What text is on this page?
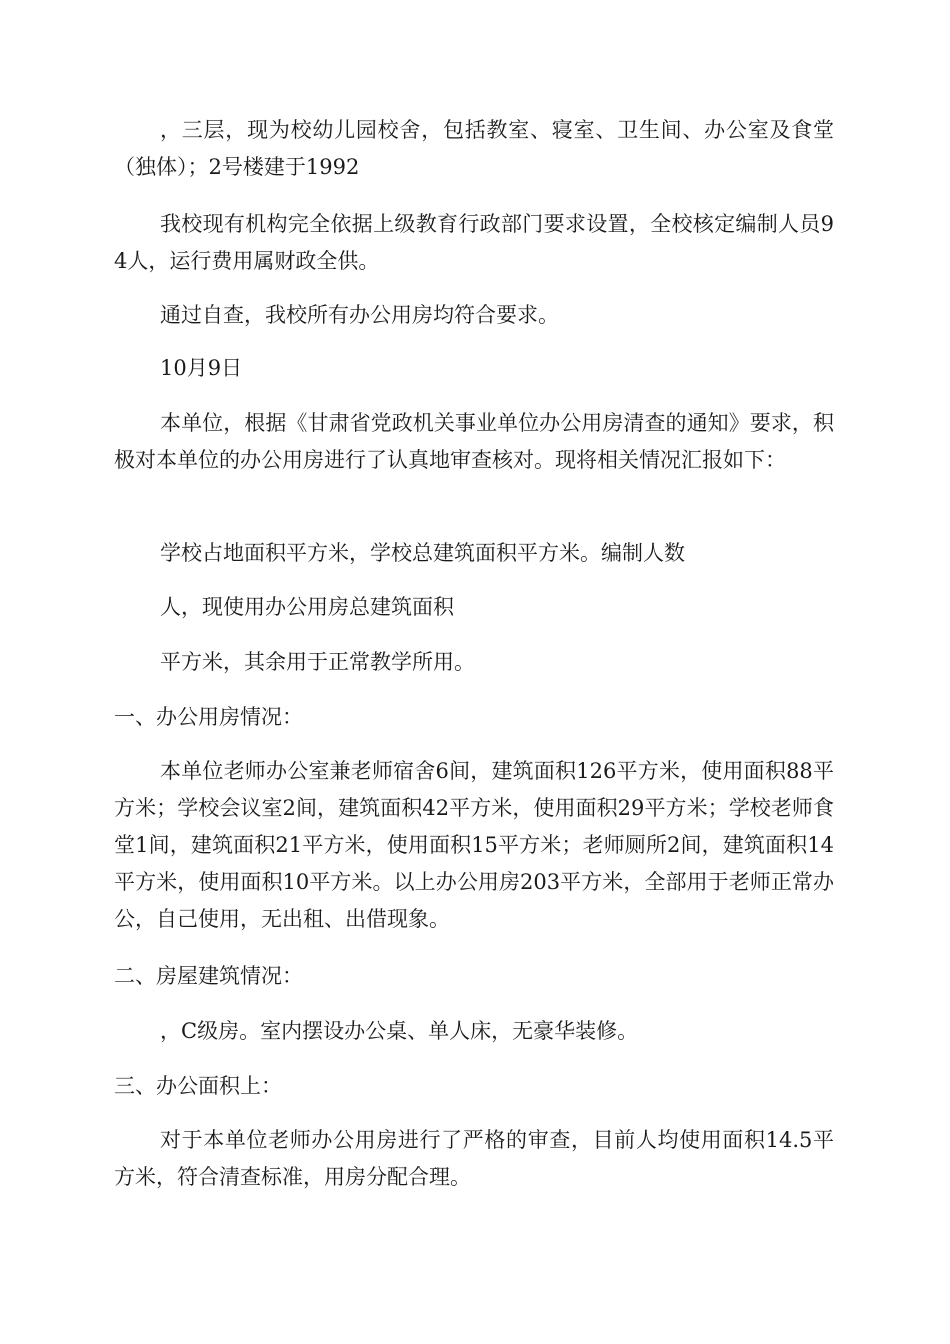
，三层，现为校幼儿园校舍，包括教室、寝室、卫生间、办公室及食堂（独体）；2号楼建于1992

我校现有机构完全依据上级教育行政部门要求设置，全校核定编制人员94人，运行费用属财政全供。

通过自查，我校所有办公用房均符合要求。

10月9日

本单位，根据《甘肃省党政机关事业单位办公用房清查的通知》要求，积极对本单位的办公用房进行了认真地审查核对。现将相关情况汇报如下：

学校占地面积平方米，学校总建筑面积平方米。编制人数

人，现使用办公用房总建筑面积

平方米，其余用于正常教学所用。

一、办公用房情况：

本单位老师办公室兼老师宿舍6间，建筑面积126平方米，使用面积88平方米；学校会议室2间，建筑面积42平方米，使用面积29平方米；学校老师食堂1间，建筑面积21平方米，使用面积15平方米；老师厕所2间，建筑面积14平方米，使用面积10平方米。以上办公用房203平方米，全部用于老师正常办公，自己使用，无出租、出借现象。

二、房屋建筑情况：

，C级房。室内摆设办公桌、单人床，无豪华装修。

三、办公面积上：

对于本单位老师办公用房进行了严格的审查，目前人均使用面积14.5平方米，符合清查标准，用房分配合理。
